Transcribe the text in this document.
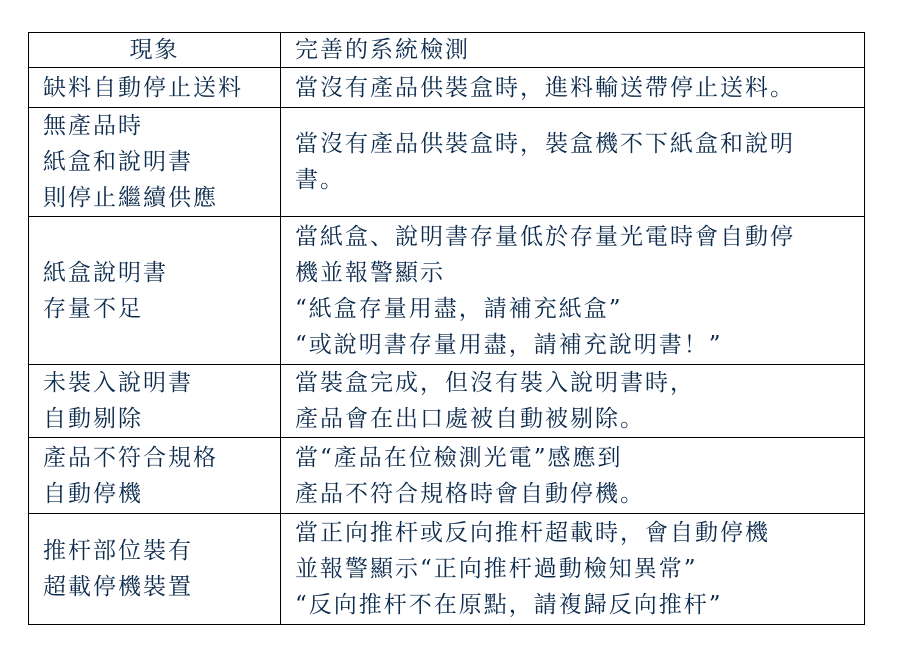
現象	完善的系統檢測

缺料自動停止送料	當沒有產品供裝盒時，進料輸送帶停止送料。

無產品時
紙盒和說明書
則停止繼續供應	當沒有產品供裝盒時，裝盒機不下紙盒和說明
書。

紙盒說明書
存量不足	當紙盒、說明書存量低於存量光電時會自動停
機並報警顯示
“紙盒存量用盡，請補充紙盒”
“或說明書存量用盡，請補充說明書！”

未裝入說明書
自動剔除	當裝盒完成，但沒有裝入說明書時，
產品會在出口處被自動被剔除。

產品不符合規格
自動停機	當“產品在位檢測光電”感應到
產品不符合規格時會自動停機。

推杆部位裝有
超載停機裝置	當正向推杆或反向推杆超載時，會自動停機
並報警顯示“正向推杆過動檢知異常”
“反向推杆不在原點，請複歸反向推杆”
